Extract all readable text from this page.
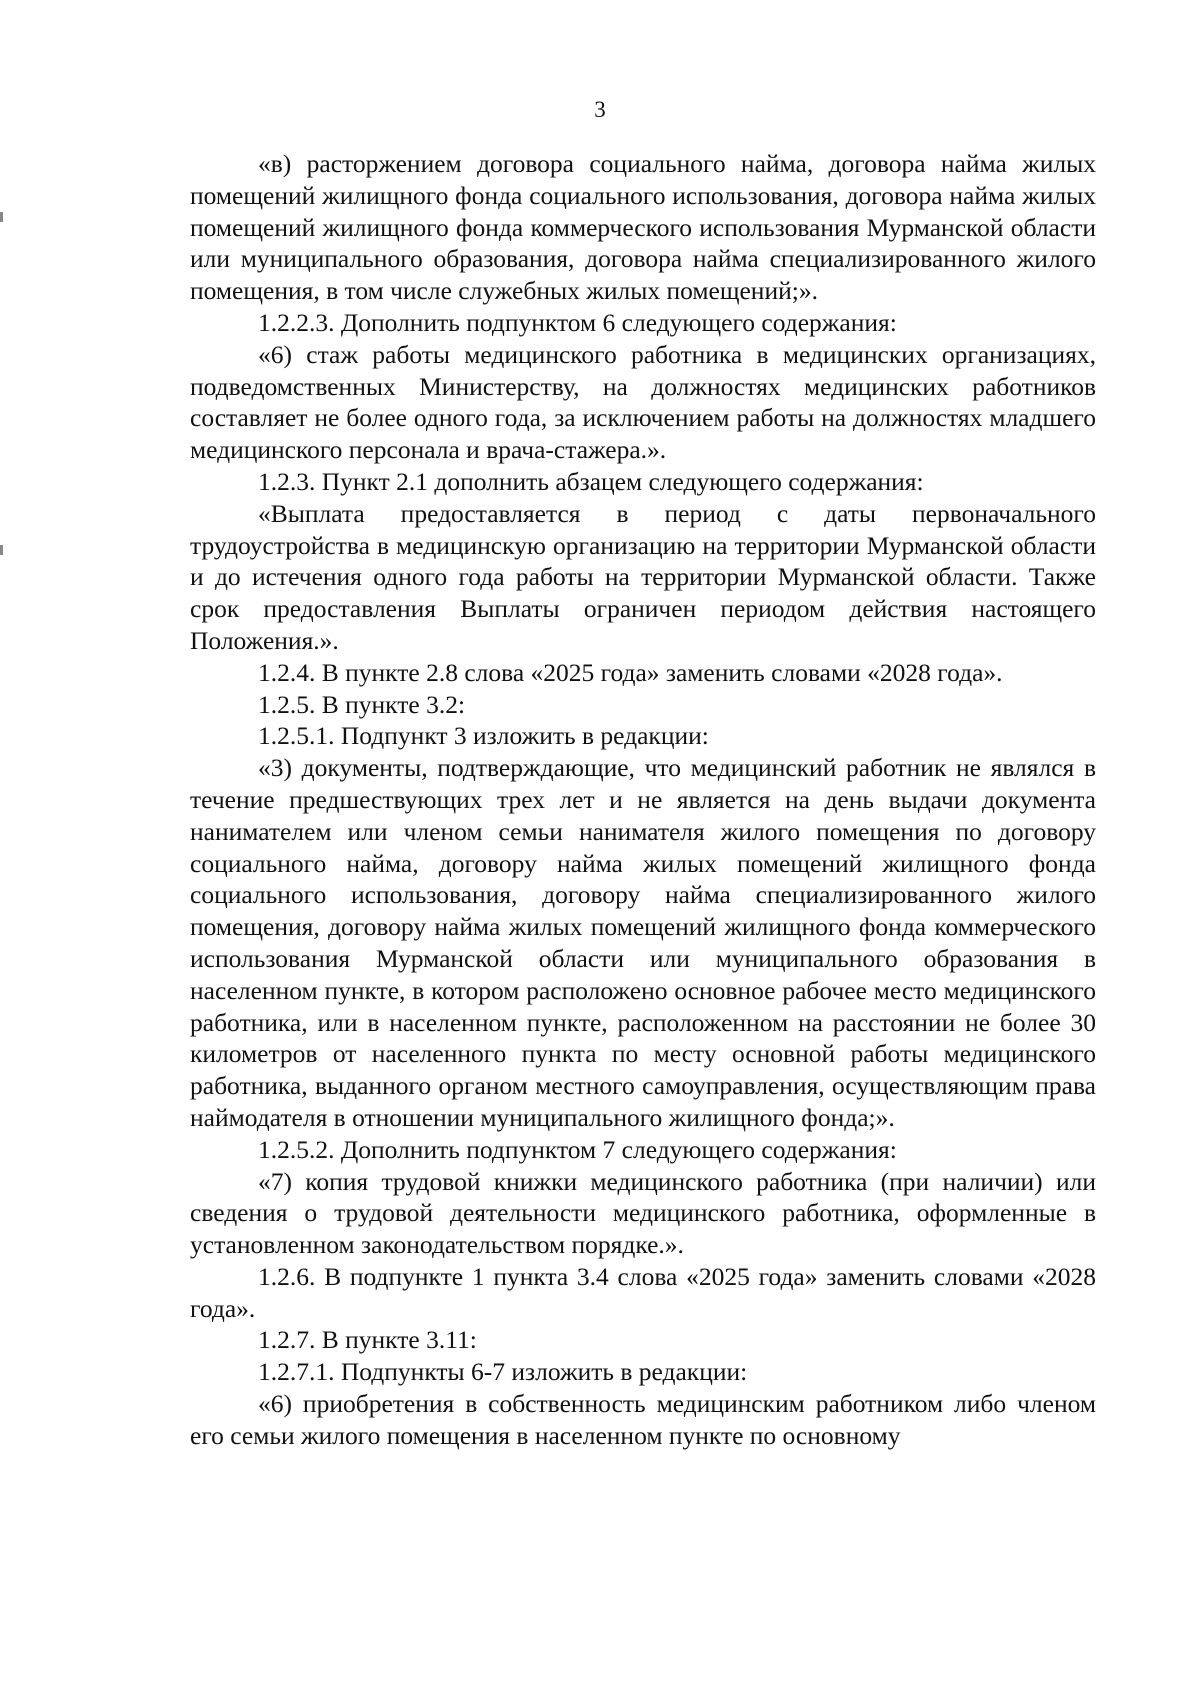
3

«в) расторжением договора социального найма, договора найма жилых помещений жилищного фонда социального использования, договора найма жилых помещений жилищного фонда коммерческого использования Мурманской области или муниципального образования, договора найма специализированного жилого помещения, в том числе служебных жилых помещений;».

1.2.2.3. Дополнить подпунктом 6 следующего содержания:

«6) стаж работы медицинского работника в медицинских организациях, подведомственных Министерству, на должностях медицинских работников составляет не более одного года, за исключением работы на должностях младшего медицинского персонала и врача-стажера.».

1.2.3. Пункт 2.1 дополнить абзацем следующего содержания:

«Выплата предоставляется в период с даты первоначального трудоустройства в медицинскую организацию на территории Мурманской области и до истечения одного года работы на территории Мурманской области. Также срок предоставления Выплаты ограничен периодом действия настоящего Положения.».

1.2.4. В пункте 2.8 слова «2025 года» заменить словами «2028 года».

1.2.5. В пункте 3.2:

1.2.5.1. Подпункт 3 изложить в редакции:

«3) документы, подтверждающие, что медицинский работник не являлся в течение предшествующих трех лет и не является на день выдачи документа нанимателем или членом семьи нанимателя жилого помещения по договору социального найма, договору найма жилых помещений жилищного фонда социального использования, договору найма специализированного жилого помещения, договору найма жилых помещений жилищного фонда коммерческого использования Мурманской области или муниципального образования в населенном пункте, в котором расположено основное рабочее место медицинского работника, или в населенном пункте, расположенном на расстоянии не более 30 километров от населенного пункта по месту основной работы медицинского работника, выданного органом местного самоуправления, осуществляющим права наймодателя в отношении муниципального жилищного фонда;».

1.2.5.2. Дополнить подпунктом 7 следующего содержания:

«7) копия трудовой книжки медицинского работника (при наличии) или сведения о трудовой деятельности медицинского работника, оформленные в установленном законодательством порядке.».

1.2.6. В подпункте 1 пункта 3.4 слова «2025 года» заменить словами «2028 года».

1.2.7. В пункте 3.11:

1.2.7.1. Подпункты 6-7 изложить в редакции:

«6) приобретения в собственность медицинским работником либо членом его семьи жилого помещения в населенном пункте по основному
